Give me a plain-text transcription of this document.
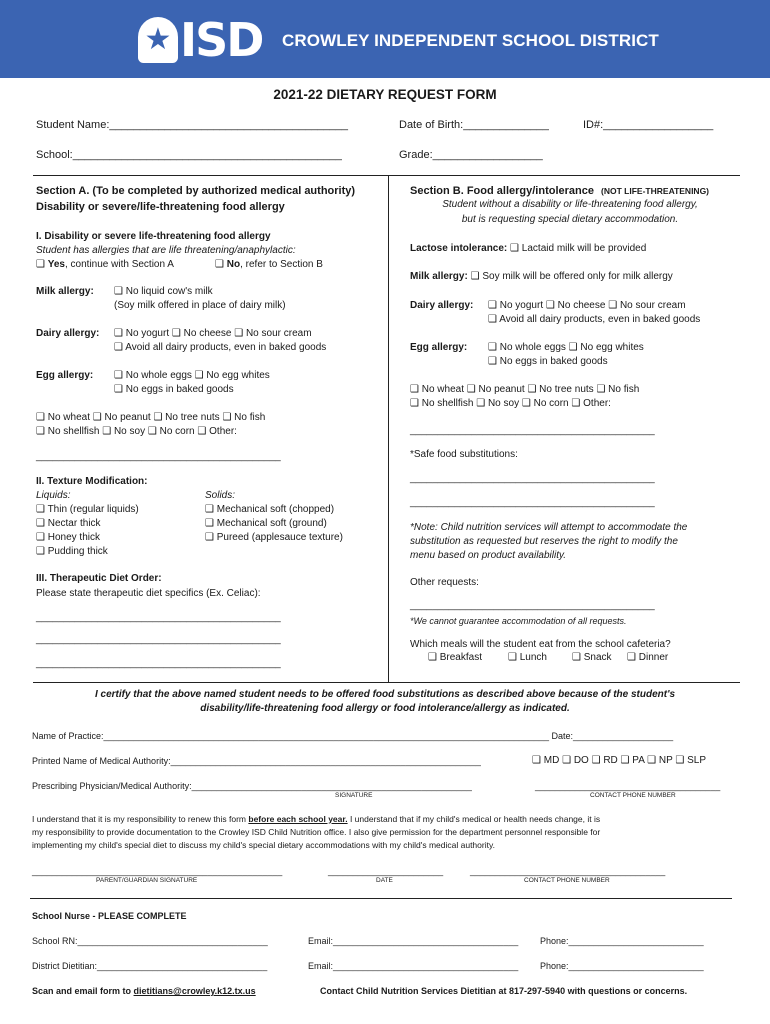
★ ISD CROWLEY INDEPENDENT SCHOOL DISTRICT
2021-22 DIETARY REQUEST FORM
Student Name:_______________________________________	Date of Birth:______________	ID#:__________________
School:____________________________________________	Grade:__________________
Section A. (To be completed by authorized medical authority)
Disability or severe/life-threatening food allergy
I. Disability or severe life-threatening food allergy
Student has allergies that are life threatening/anaphylactic:
❑ Yes, continue with Section A	❑ No, refer to Section B
Milk allergy: ❑ No liquid cow's milk
(Soy milk offered in place of dairy milk)
Dairy allergy: ❑ No yogurt ❑ No cheese ❑ No sour cream
❑ Avoid all dairy products, even in baked goods
Egg allergy: ❑ No whole eggs ❑ No egg whites
❑ No eggs in baked goods
❑ No wheat ❑ No peanut ❑ No tree nuts ❑ No fish
❑ No shellfish ❑ No soy ❑ No corn ❑ Other:
____________________________________________
II. Texture Modification:
Liquids:
❑ Thin (regular liquids)
❑ Nectar thick
❑ Honey thick
❑ Pudding thick
Solids:
❑ Mechanical soft (chopped)
❑ Mechanical soft (ground)
❑ Pureed (applesauce texture)
III. Therapeutic Diet Order:
Please state therapeutic diet specifics (Ex. Celiac):
____________________________________________
____________________________________________
____________________________________________
Section B. Food allergy/intolerance (NOT LIFE-THREATENING)
Student without a disability or life-threatening food allergy,
but is requesting special dietary accommodation.
Lactose intolerance: ❑ Lactaid milk will be provided
Milk allergy: ❑ Soy milk will be offered only for milk allergy
Dairy allergy: ❑ No yogurt ❑ No cheese ❑ No sour cream
❑ Avoid all dairy products, even in baked goods
Egg allergy: ❑ No whole eggs ❑ No egg whites
❑ No eggs in baked goods
❑ No wheat ❑ No peanut ❑ No tree nuts ❑ No fish
❑ No shellfish ❑ No soy ❑ No corn ❑ Other:
____________________________________________
*Safe food substitutions:
____________________________________________
____________________________________________
*Note: Child nutrition services will attempt to accommodate the
substitution as requested but reserves the right to modify the
menu based on product availability.
Other requests:
____________________________________________
*We cannot guarantee accommodation of all requests.
Which meals will the student eat from the school cafeteria?
❑ Breakfast	❑ Lunch	❑ Snack ❑ Dinner
I certify that the above named student needs to be offered food substitutions as described above because of the student's
disability/life-threatening food allergy or food intolerance/allergy as indicated.
Name of Practice:_________________________________________________________________________________________ Date:____________________
Printed Name of Medical Authority:______________________________________________________________	❑ MD ❑ DO ❑ RD ❑ PA ❑ NP ❑ SLP
Prescribing Physician/Medical Authority:________________________________________________________	_____________________________________
SIGNATURE	CONTACT PHONE NUMBER
I understand that it is my responsibility to renew this form before each school year. I understand that if my child's medical or health needs change, it is
my responsibility to provide documentation to the Crowley ISD Child Nutrition office. I also give permission for the department personnel responsible for
implementing my child's special diet to discuss my child's special dietary accommodations with my child's medical authority.
__________________________________________________	_______________________	_______________________________________
PARENT/GUARDIAN SIGNATURE	DATE	CONTACT PHONE NUMBER
School Nurse - PLEASE COMPLETE
School RN:______________________________________	Email:_____________________________________ Phone:___________________________
District Dietitian:__________________________________	Email:_____________________________________ Phone:___________________________
Scan and email form to dietitians@crowley.k12.tx.us	Contact Child Nutrition Services Dietitian at 817-297-5940 with questions or concerns.
